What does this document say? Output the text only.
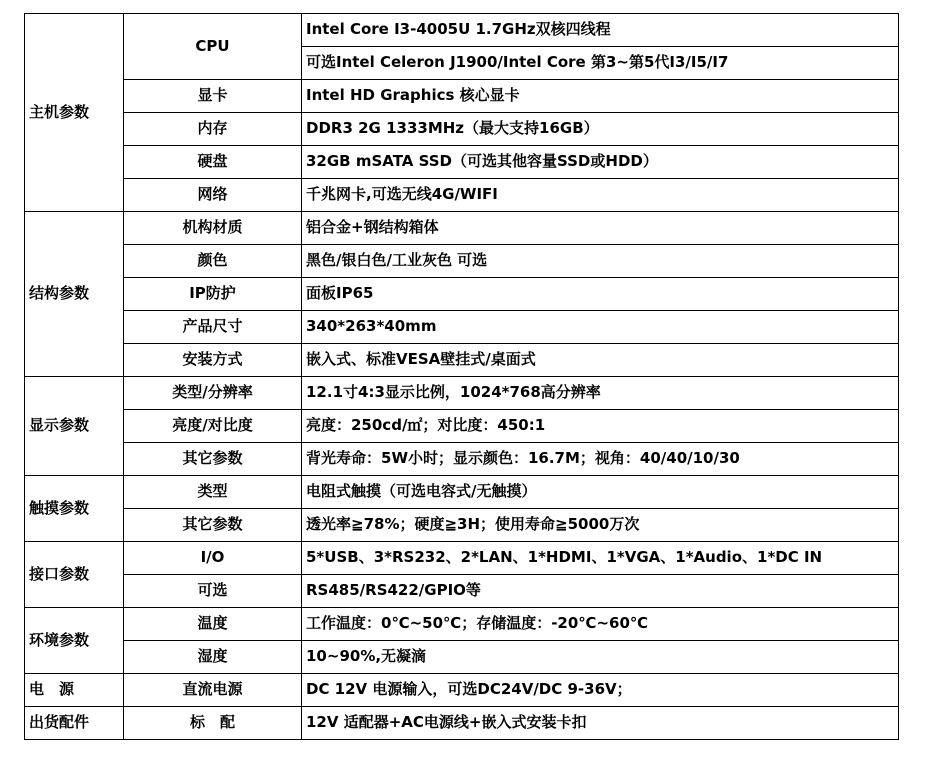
主机参数	CPU	Intel Core I3-4005U 1.7GHz双核四线程
		可选Intel Celeron J1900/Intel Core 第3~第5代I3/I5/I7
	显卡	Intel HD Graphics 核心显卡
	内存	DDR3 2G 1333MHz（最大支持16GB）
	硬盘	32GB mSATA SSD（可选其他容量SSD或HDD）
	网络	千兆网卡,可选无线4G/WIFI
结构参数	机构材质	铝合金+钢结构箱体
	颜色	黑色/银白色/工业灰色 可选
	IP防护	面板IP65
	产品尺寸	340*263*40mm
	安装方式	嵌入式、标准VESA壁挂式/桌面式
显示参数	类型/分辨率	12.1寸4:3显示比例，1024*768高分辨率
	亮度/对比度	亮度：250cd/㎡；对比度：450:1
	其它参数	背光寿命：5W小时；显示颜色：16.7M；视角：40/40/10/30
触摸参数	类型	电阻式触摸（可选电容式/无触摸）
	其它参数	透光率≧78%；硬度≧3H；使用寿命≧5000万次
接口参数	I/O	5*USB、3*RS232、2*LAN、1*HDMI、1*VGA、1*Audio、1*DC IN
	可选	RS485/RS422/GPIO等
环境参数	温度	工作温度：0℃~50℃；存储温度：-20℃~60℃
	湿度	10~90%,无凝滴
电　源	直流电源	DC 12V 电源输入，可选DC24V/DC 9-36V；
出货配件	标　配	12V 适配器+AC电源线+嵌入式安装卡扣
